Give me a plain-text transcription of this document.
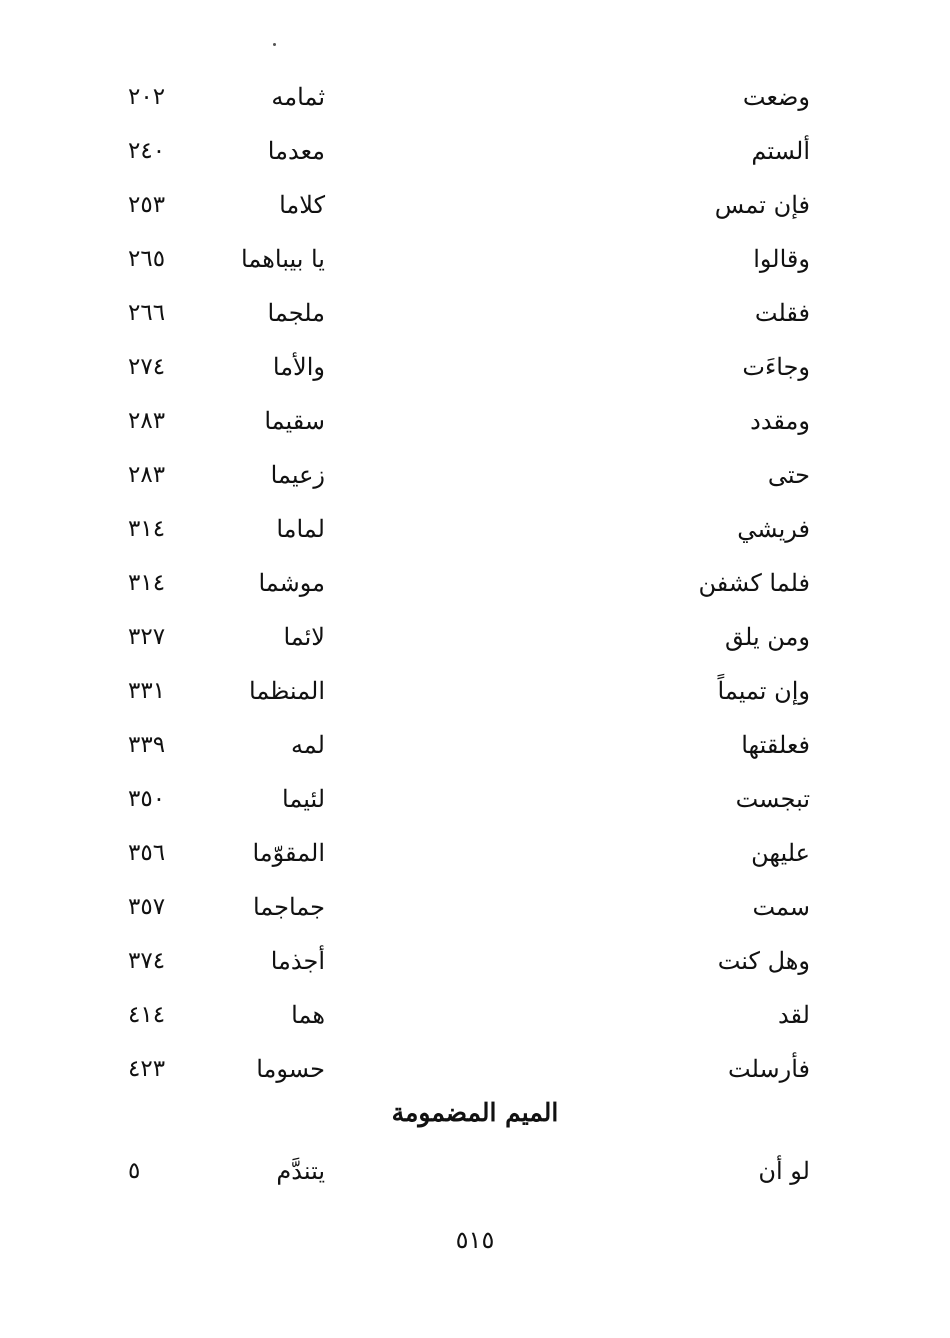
وضعت
ثمامه
٢٠٢
ألستم
معدما
٢٤٠
فإن تمس
كلاما
٢٥٣
وقالوا
يا بيباهما
٢٦٥
فقلت
ملجما
٢٦٦
وجاءَت
والأما
٢٧٤
ومقدد
سقيما
٢٨٣
حتى
زعيما
٢٨٣
فريشي
لماما
٣١٤
فلما كشفن
موشما
٣١٤
ومن يلق
لائما
٣٢٧
وإن تميماً
المنظما
٣٣١
فعلقتها
لمه
٣٣٩
تبجست
لئيما
٣٥٠
عليهن
المقوّما
٣٥٦
سمت
جماجما
٣٥٧
وهل كنت
أجذما
٣٧٤
لقد
هما
٤١٤
فأرسلت
حسوما
٤٢٣
الميم المضمومة
لو أن
يتندَّم
٥
٥١٥
